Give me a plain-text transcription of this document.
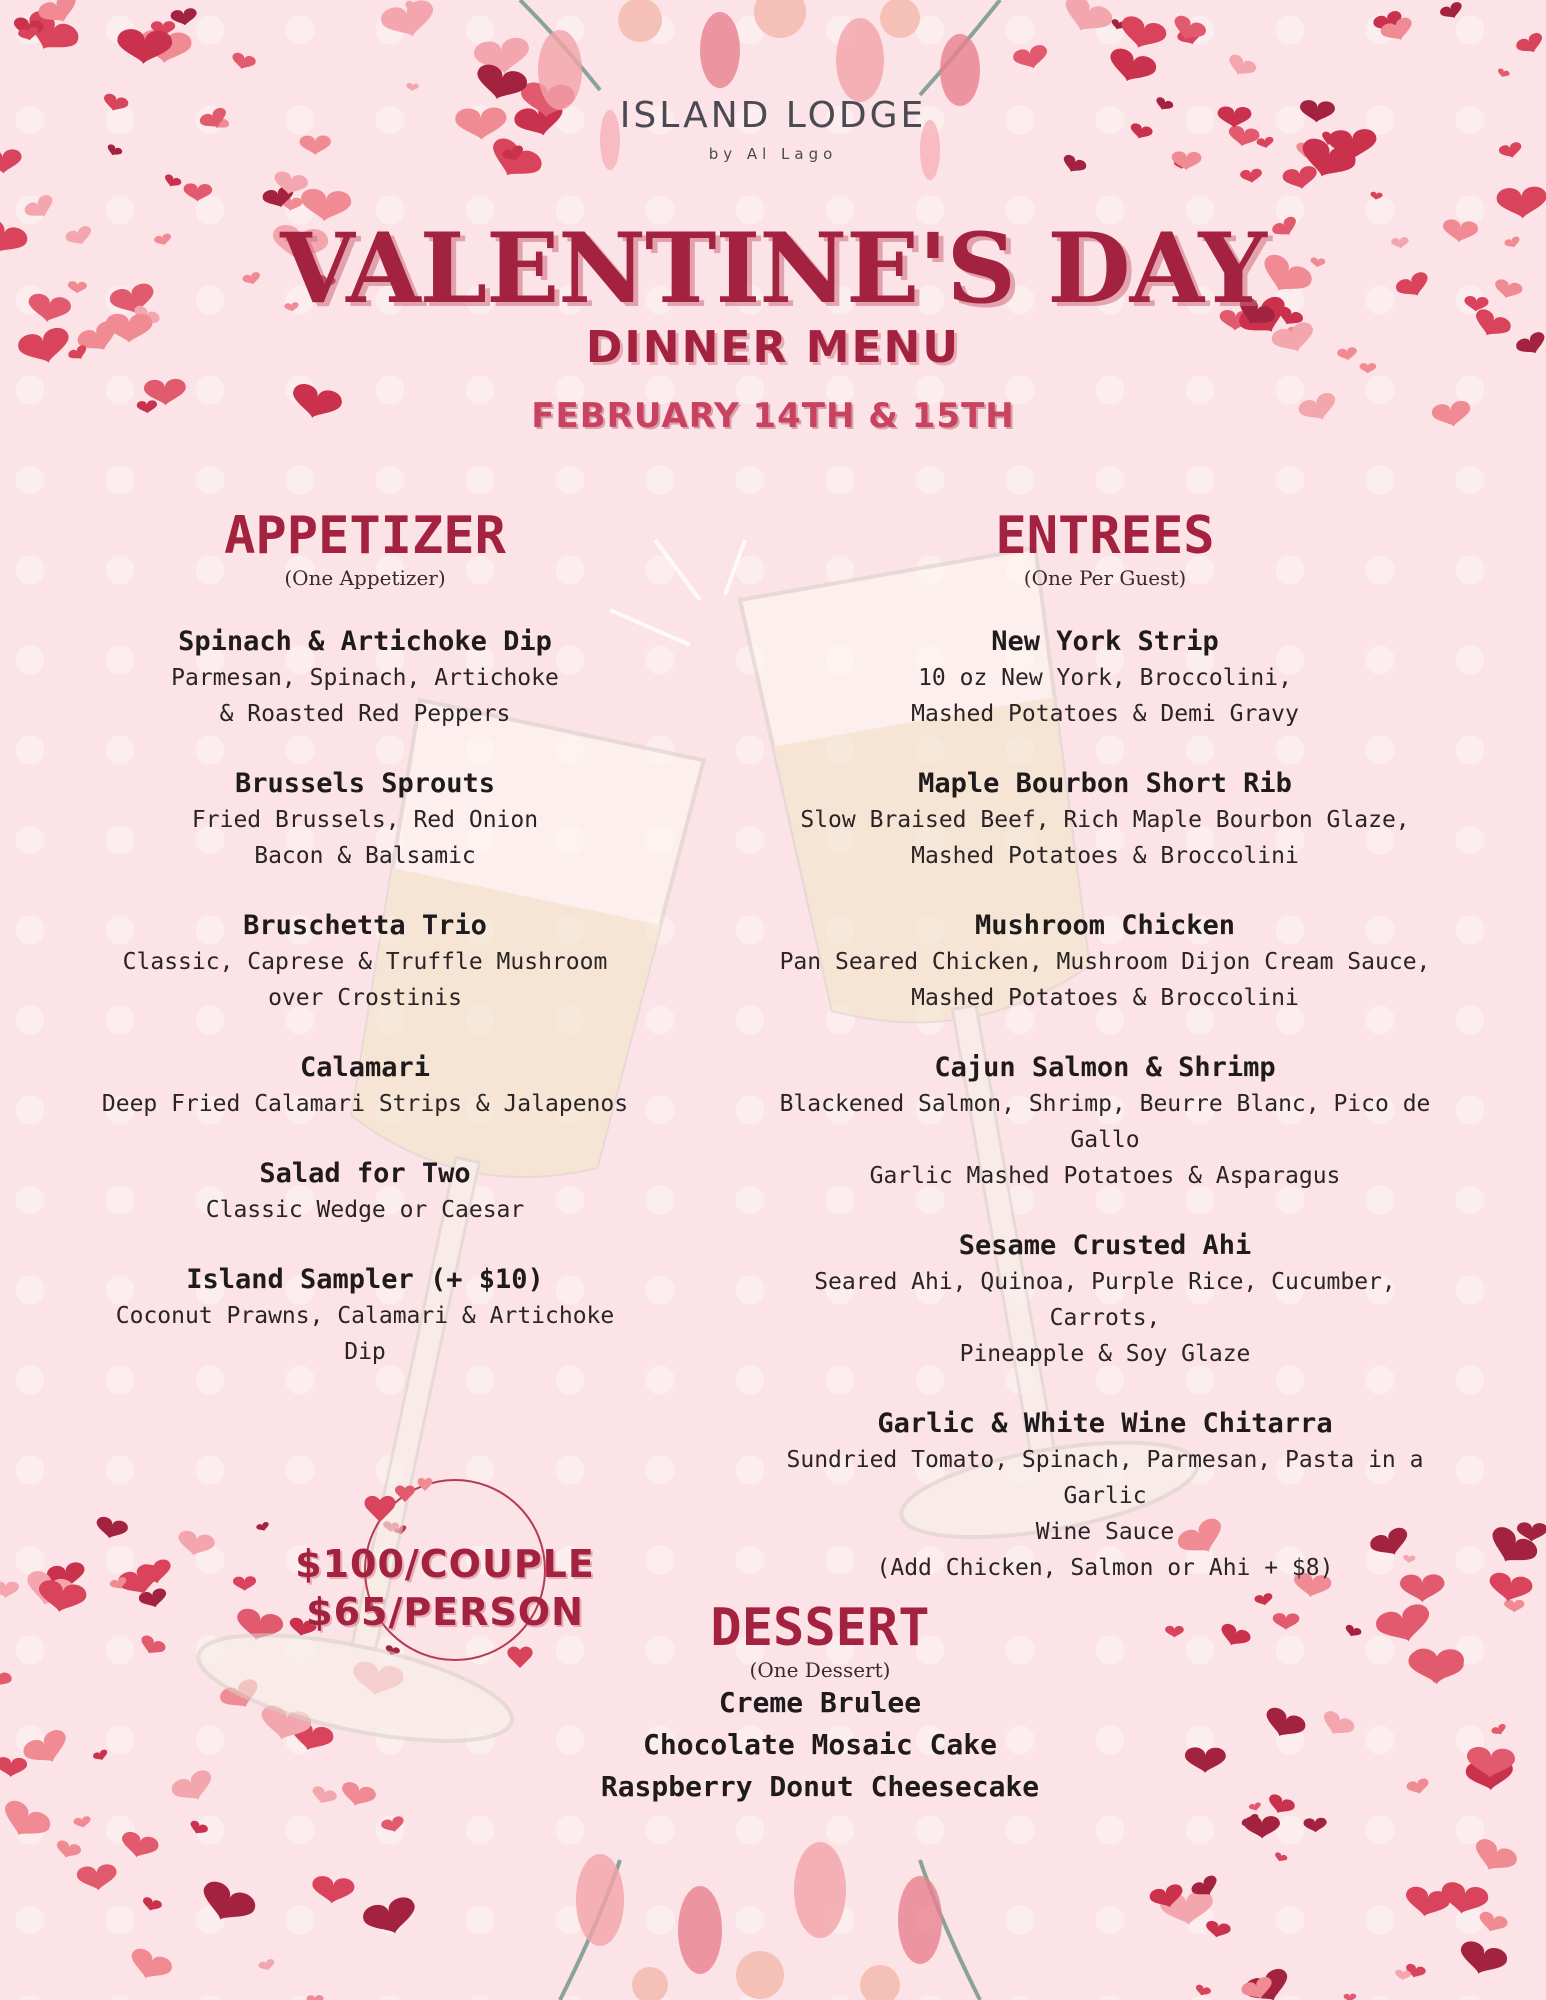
ISLAND LODGE
by Al Lago
VALENTINE'S DAY
DINNER MENU
FEBRUARY 14TH & 15TH
APPETIZER
(One Appetizer)
Spinach & Artichoke Dip
Parmesan, Spinach, Artichoke
& Roasted Red Peppers
Brussels Sprouts
Fried Brussels, Red Onion
Bacon & Balsamic
Bruschetta Trio
Classic, Caprese & Truffle Mushroom
over Crostinis
Calamari
Deep Fried Calamari Strips & Jalapenos
Salad for Two
Classic Wedge or Caesar
Island Sampler (+ $10)
Coconut Prawns, Calamari & Artichoke Dip
ENTREES
(One Per Guest)
New York Strip
10 oz New York, Broccolini,
Mashed Potatoes & Demi Gravy
Maple Bourbon Short Rib
Slow Braised Beef, Rich Maple Bourbon Glaze,
Mashed Potatoes & Broccolini
Mushroom Chicken
Pan Seared Chicken, Mushroom Dijon Cream Sauce,
Mashed Potatoes & Broccolini
Cajun Salmon & Shrimp
Blackened Salmon, Shrimp, Beurre Blanc, Pico de Gallo
Garlic Mashed Potatoes & Asparagus
Sesame Crusted Ahi
Seared Ahi, Quinoa, Purple Rice, Cucumber, Carrots,
Pineapple & Soy Glaze
Garlic & White Wine Chitarra
Sundried Tomato, Spinach, Parmesan, Pasta in a Garlic
Wine Sauce
(Add Chicken, Salmon or Ahi + $8)
$100/COUPLE
$65/PERSON	DESSERT
(One Dessert)
Creme Brulee
Chocolate Mosaic Cake
Raspberry Donut Cheesecake
